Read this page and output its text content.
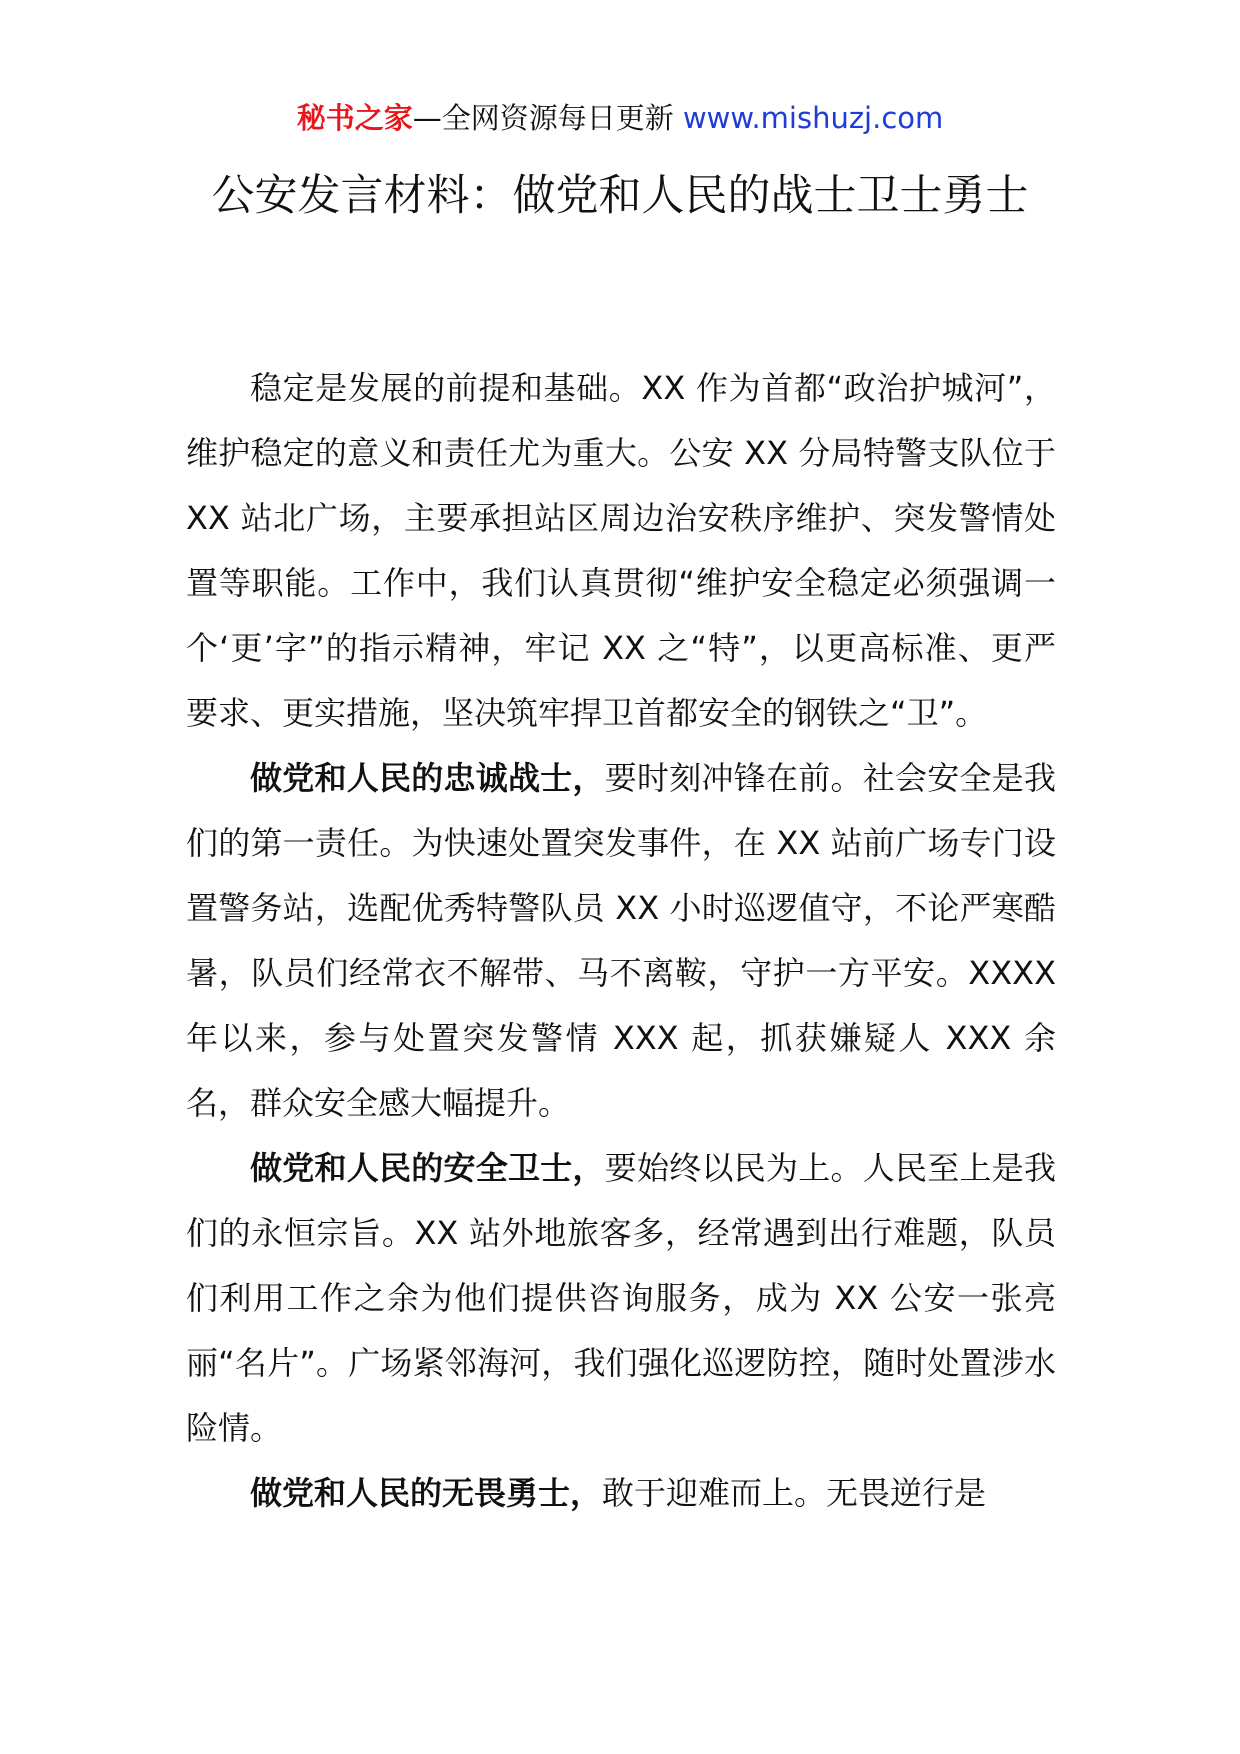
秘书之家—全网资源每日更新 www.mishuzj.com
公安发言材料：做党和人民的战士卫士勇士

稳定是发展的前提和基础。XX 作为首都“政治护城河”，维护稳定的意义和责任尤为重大。公安 XX 分局特警支队位于 XX 站北广场，主要承担站区周边治安秩序维护、突发警情处置等职能。工作中，我们认真贯彻“维护安全稳定必须强调一个‘更’字”的指示精神，牢记 XX 之“特”，以更高标准、更严要求、更实措施，坚决筑牢捍卫首都安全的钢铁之“卫”。

做党和人民的忠诚战士，要时刻冲锋在前。社会安全是我们的第一责任。为快速处置突发事件，在 XX 站前广场专门设置警务站，选配优秀特警队员 XX 小时巡逻值守，不论严寒酷暑，队员们经常衣不解带、马不离鞍，守护一方平安。XXXX 年以来，参与处置突发警情 XXX 起，抓获嫌疑人 XXX 余名，群众安全感大幅提升。

做党和人民的安全卫士，要始终以民为上。人民至上是我们的永恒宗旨。XX 站外地旅客多，经常遇到出行难题，队员们利用工作之余为他们提供咨询服务，成为 XX 公安一张亮丽“名片”。广场紧邻海河，我们强化巡逻防控，随时处置涉水险情。

做党和人民的无畏勇士，敢于迎难而上。无畏逆行是
